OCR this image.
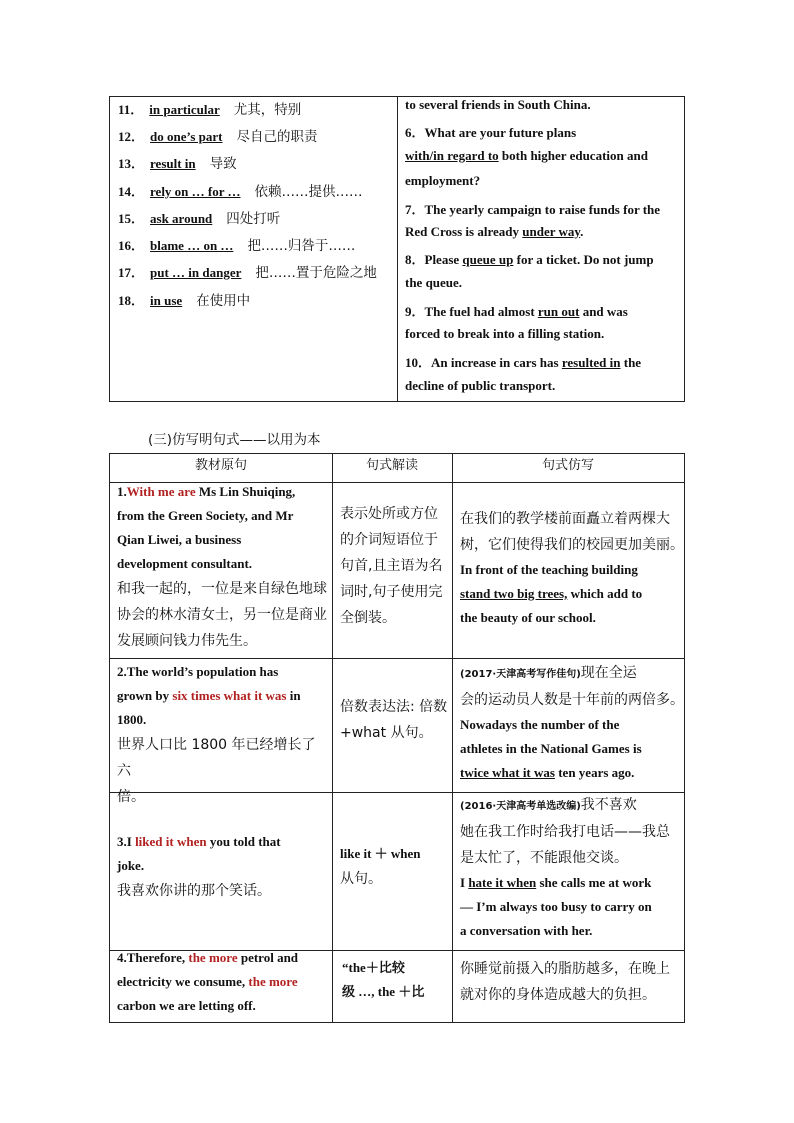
11． in particular 尤其，特别
12． do one’s part 尽自己的职责
13． result in 导致
14． rely on … for … 依赖……提供……
15． ask around 四处打听
16． blame … on … 把……归咎于……
17． put … in danger 把……置于危险之地
18． in use 在使用中
to several friends in South China.
6．What are your future plans
with/in regard to both higher education and
employment?
7．The yearly campaign to raise funds for the
Red Cross is already under way.
8．Please queue up for a ticket. Do not jump
the queue.
9．The fuel had almost run out and was
forced to break into a filling station.
10．An increase in cars has resulted in the
decline of public transport.
(三)仿写明句式——以用为本
教材原句	句式解读	句式仿写
1.With me are Ms Lin Shuiqing,
from the Green Society, and Mr
Qian Liwei, a business
development consultant.
和我一起的，一位是来自绿色地球
协会的林水清女士，另一位是商业
发展顾问钱力伟先生。
表示处所或方位
的介词短语位于
句首,且主语为名
词时,句子使用完
全倒装。
在我们的教学楼前面矗立着两棵大
树，它们使得我们的校园更加美丽。
In front of the teaching building
stand two big trees, which add to
the beauty of our school.
2.The world’s population has
grown by six times what it was in
1800.
世界人口比 1800 年已经增长了六
倍。
倍数表达法: 倍数
+what 从句。
(2017·天津高考写作佳句)现在全运
会的运动员人数是十年前的两倍多。
Nowadays the number of the
athletes in the National Games is
twice what it was ten years ago.
3.I liked it when you told that
joke.
我喜欢你讲的那个笑话。
like it ＋ when
从句。
(2016·天津高考单选改编)我不喜欢
她在我工作时给我打电话——我总
是太忙了，不能跟他交谈。
I hate it when she calls me at work
— I’m always too busy to carry on
a conversation with her.
4.Therefore, the more petrol and
electricity we consume, the more
carbon we are letting off.
“the＋比较
级 …, the ＋比
你睡觉前摄入的脂肪越多，在晚上
就对你的身体造成越大的负担。
